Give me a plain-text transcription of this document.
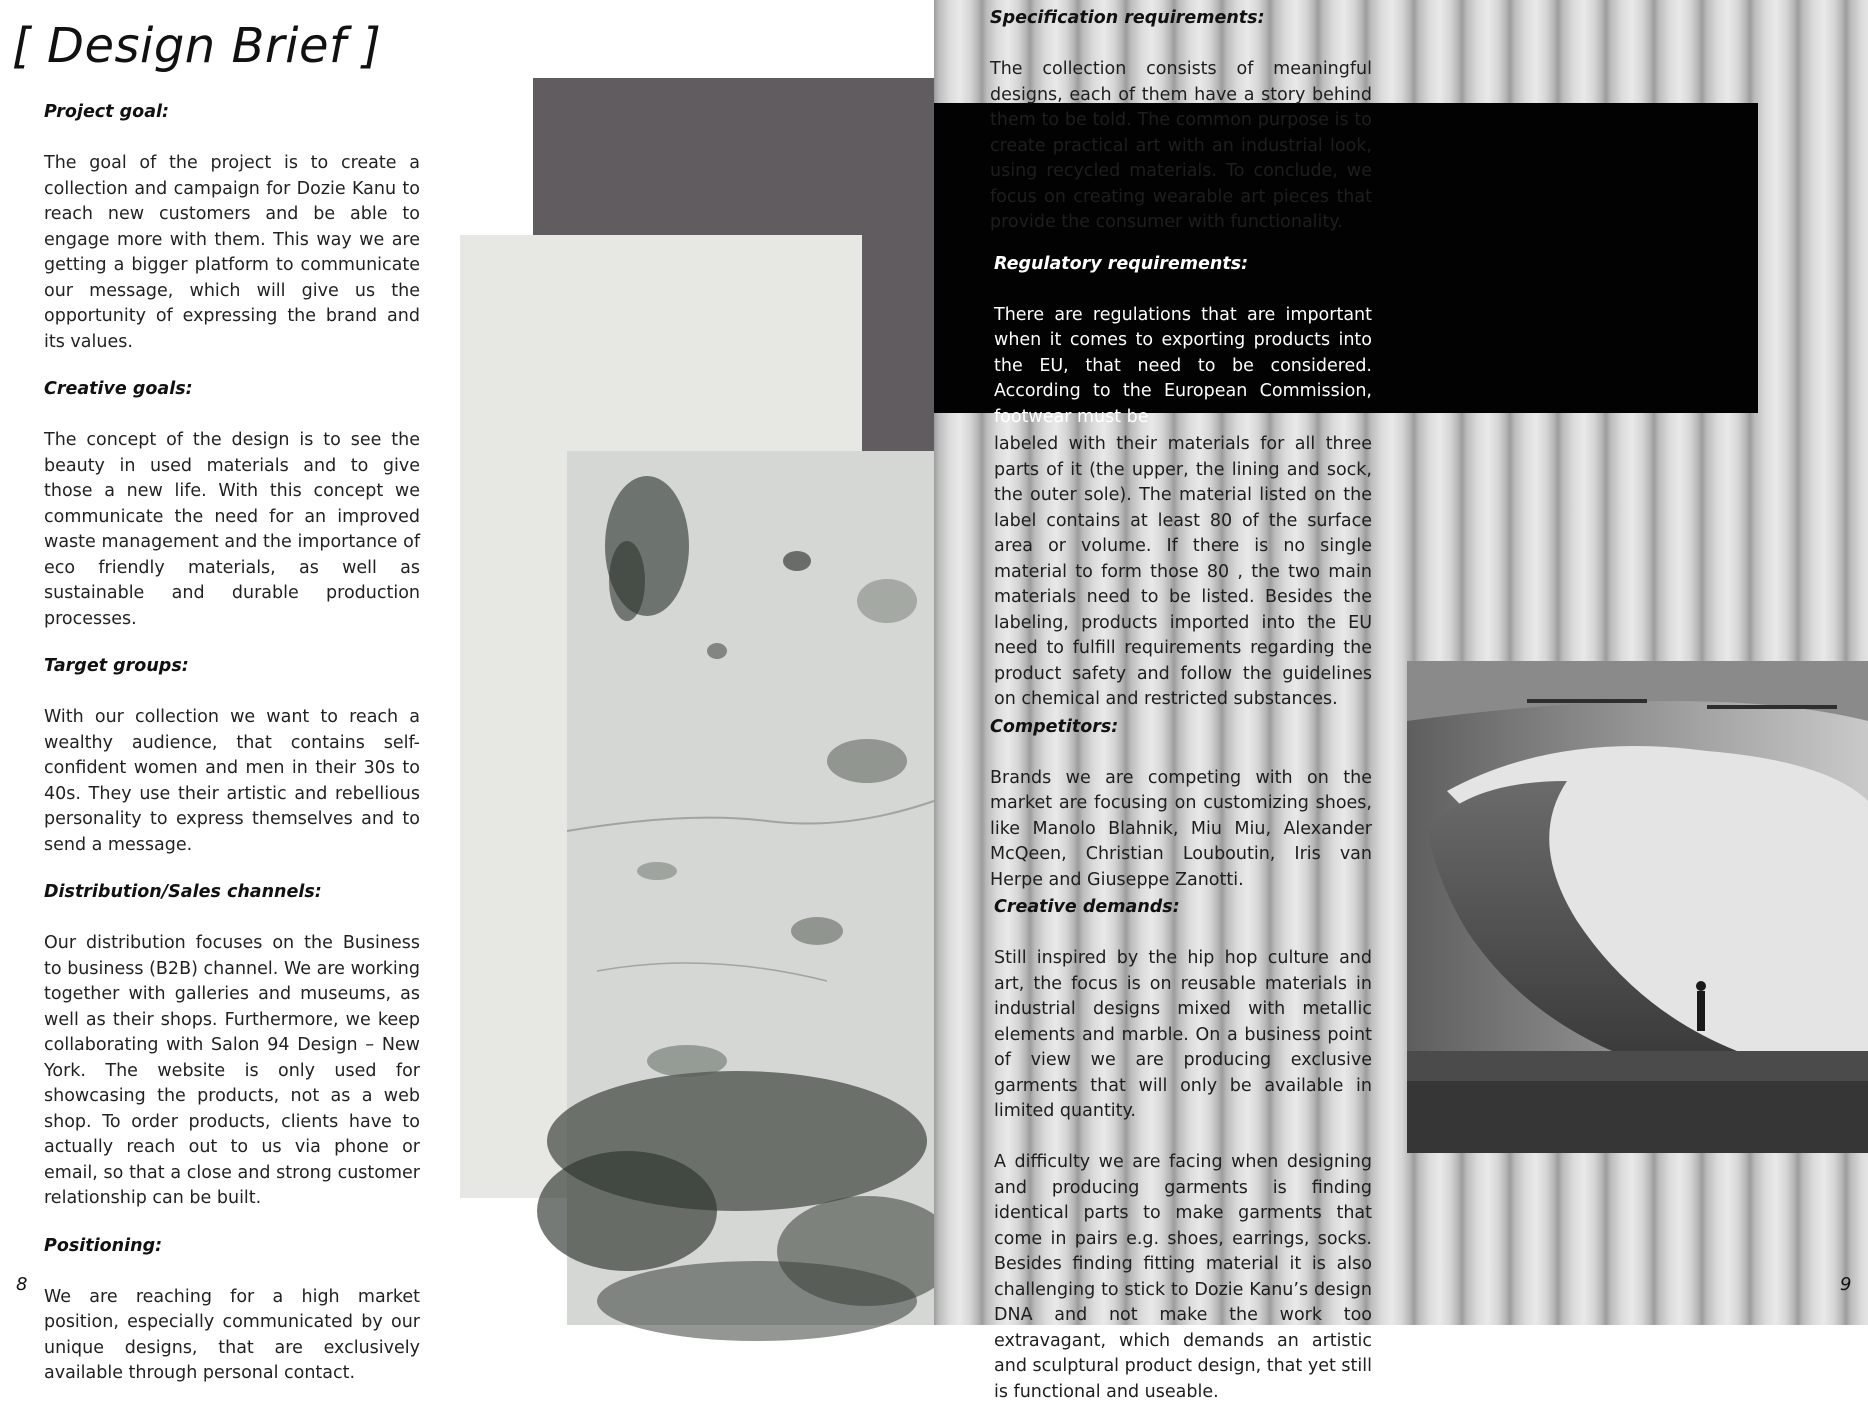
[ Design Brief ]
Project goal:
The goal of the project is to create a collection and campaign for Dozie Kanu to reach new customers and be able to engage more with them. This way we are getting a bigger platform to communicate our message, which will give us the opportunity of expressing the brand and its values.
Creative goals:
The concept of the design is to see the beauty in used materials and to give those a new life. With this concept we communicate the need for an improved waste management and the importance of eco friendly materials, as well as sustainable and durable production processes.
Target groups:
With our collection we want to reach a wealthy audience, that contains self-confident women and men in their 30s to 40s. They use their artistic and rebellious personality to express themselves and to send a message.
Distribution/Sales channels:
Our distribution focuses on the Business to business (B2B) channel. We are working together with galleries and museums, as well as their shops. Furthermore, we keep collaborating with Salon 94 Design – New York. The website is only used for showcasing the products, not as a web shop. To order products, clients have to actually reach out to us via phone or email, so that a close and strong customer relationship can be built.
Positioning:
We are reaching for a high market position, especially communicated by our unique designs, that are exclusively available through personal contact.
8
Specification requirements:
The collection consists of meaningful designs, each of them have a story behind them to be told. The common purpose is to create practical art with an industrial look, using recycled materials. To conclude, we focus on creating wearable art pieces that provide the consumer with functionality.
Regulatory requirements:
There are regulations that are important when it comes to exporting products into the EU, that need to be considered. According to the European Commission, footwear must be
labeled with their materials for all three parts of it (the upper, the lining and sock, the outer sole). The material listed on the label contains at least 80 of the surface area or volume. If there is no single material to form those 80 , the two main materials need to be listed. Besides the labeling, products imported into the EU need to fulfill requirements regarding the product safety and follow the guidelines on chemical and restricted substances.
Competitors:
Brands we are competing with on the market are focusing on customizing shoes, like Manolo Blahnik, Miu Miu, Alexander McQeen, Christian Louboutin, Iris van Herpe and Giuseppe Zanotti.
Creative demands:
Still inspired by the hip hop culture and art, the focus is on reusable materials in industrial designs mixed with metallic elements and marble. On a business point of view we are producing exclusive garments that will only be available in limited quantity.
A difficulty we are facing when designing and producing garments is finding identical parts to make garments that come in pairs e.g. shoes, earrings, socks. Besides finding fitting material it is also challenging to stick to Dozie Kanu’s design DNA and not make the work too extravagant, which demands an artistic and sculptural product design, that yet still is functional and useable.
9
